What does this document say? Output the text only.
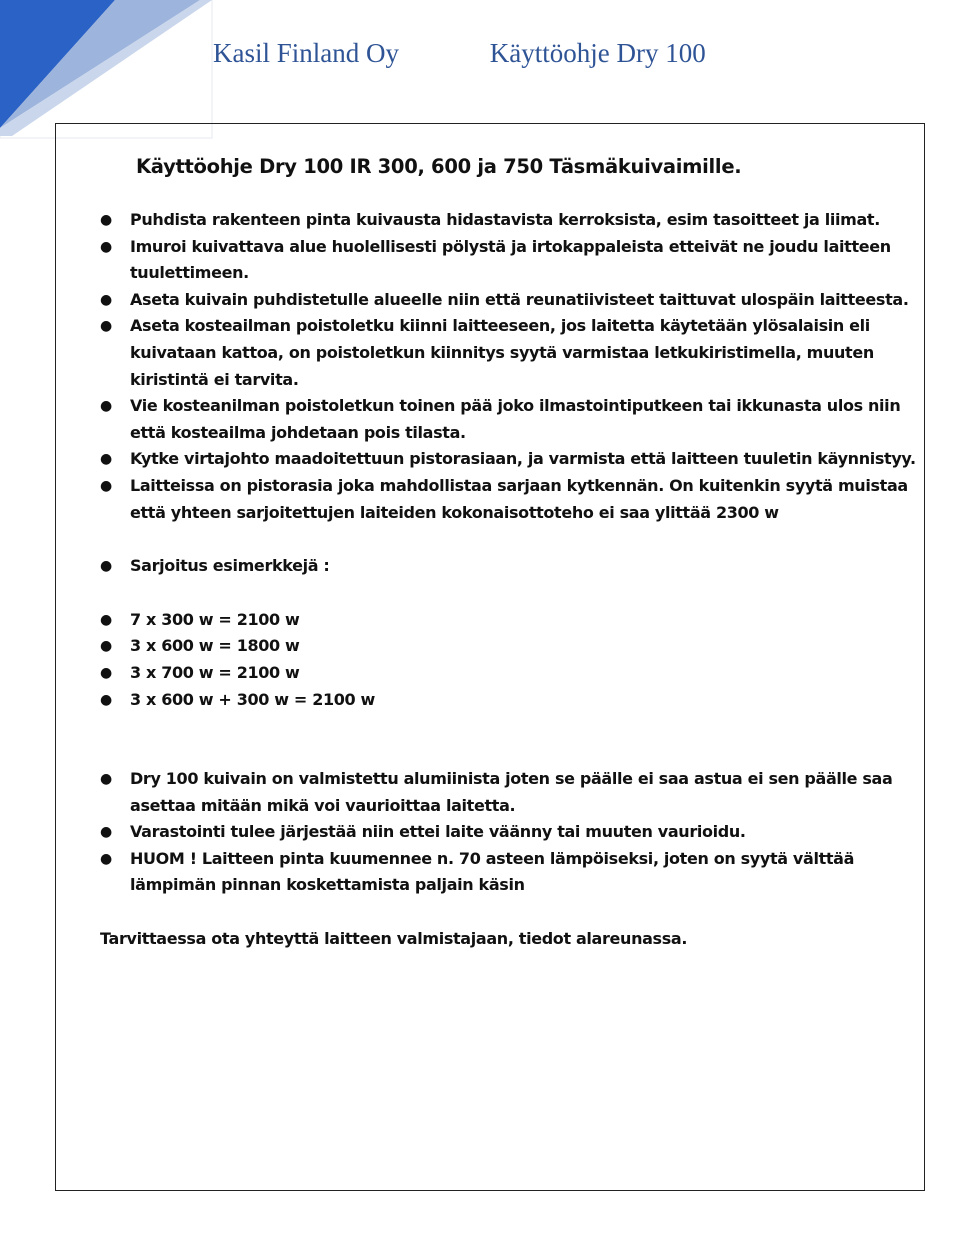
Kasil Finland Oy	Käyttöohje Dry 100
Käyttöohje Dry 100 IR 300, 600 ja 750 Täsmäkuivaimille.
● Puhdista rakenteen pinta kuivausta hidastavista kerroksista, esim tasoitteet ja liimat.
● Imuroi kuivattava alue huolellisesti pölystä ja irtokappaleista etteivät ne joudu laitteen tuulettimeen.
● Aseta kuivain puhdistetulle alueelle niin että reunatiivisteet taittuvat ulospäin laitteesta.
● Aseta kosteailman poistoletku kiinni laitteeseen, jos laitetta käytetään ylösalaisin eli kuivataan kattoa, on poistoletkun kiinnitys syytä varmistaa letkukiristimella, muuten kiristintä ei tarvita.
● Vie kosteanilman poistoletkun toinen pää joko ilmastointiputkeen tai ikkunasta ulos niin että kosteailma johdetaan pois tilasta.
● Kytke virtajohto maadoitettuun pistorasiaan, ja varmista että laitteen tuuletin käynnistyy.
● Laitteissa on pistorasia joka mahdollistaa sarjaan kytkennän. On kuitenkin syytä muistaa että yhteen sarjoitettujen laiteiden kokonaisottoteho ei saa ylittää 2300 w
● Sarjoitus esimerkkejä :
● 7 x 300 w = 2100 w
● 3 x 600 w = 1800 w
● 3 x 700 w = 2100 w
● 3 x 600 w + 300 w = 2100 w
● Dry 100 kuivain on valmistettu alumiinista joten se päälle ei saa astua ei sen päälle saa asettaa mitään mikä voi vaurioittaa laitetta.
● Varastointi tulee järjestää niin ettei laite väänny tai muuten vaurioidu.
● HUOM ! Laitteen pinta kuumennee n. 70 asteen lämpöiseksi, joten on syytä välttää lämpimän pinnan koskettamista paljain käsin
Tarvittaessa ota yhteyttä laitteen valmistajaan, tiedot alareunassa.
